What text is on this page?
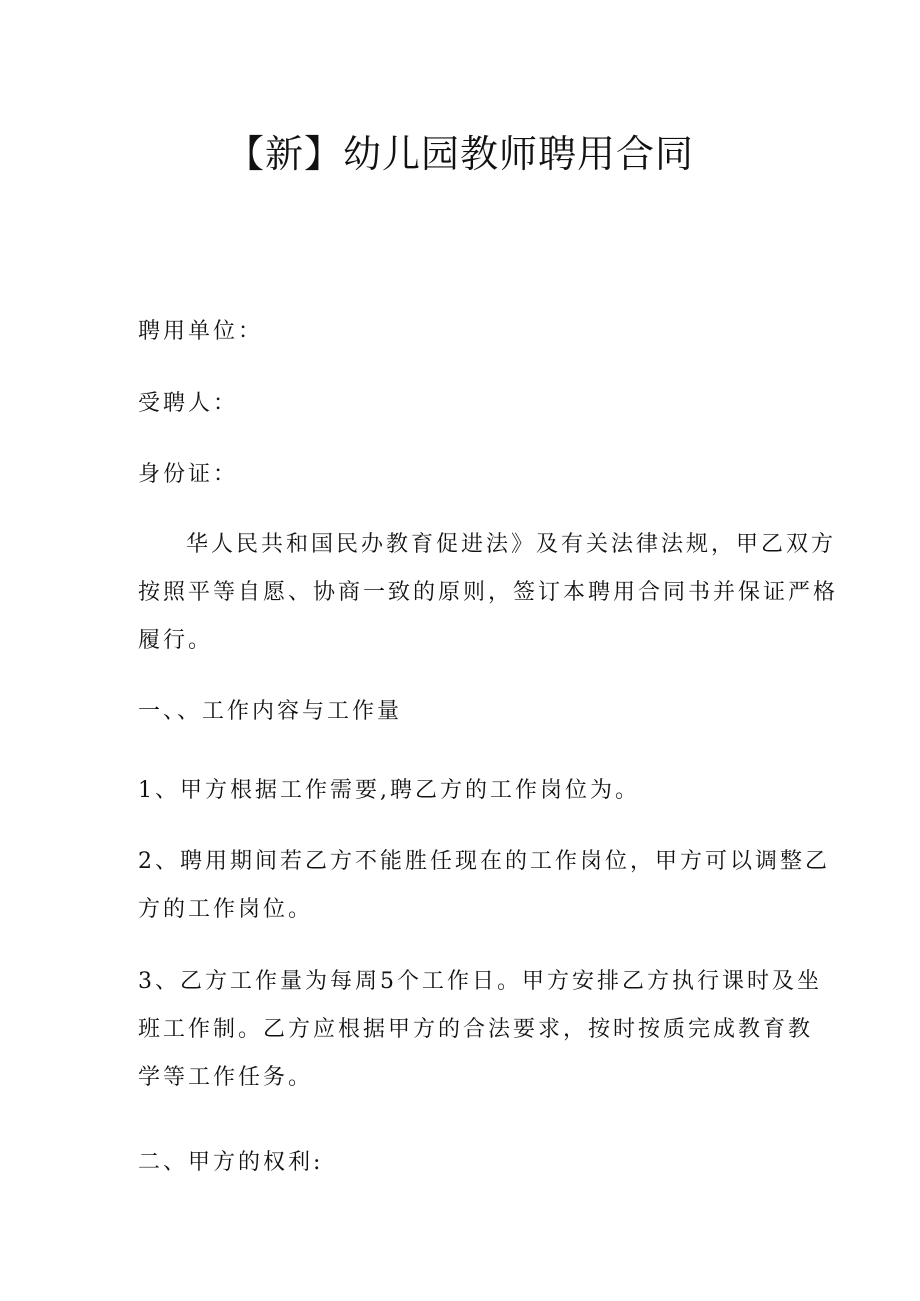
【新】幼儿园教师聘用合同
聘用单位：
受聘人：
身份证：
华人民共和国民办教育促进法》及有关法律法规，甲乙双方
按照平等自愿、协商一致的原则，签订本聘用合同书并保证严格
履行。
一、、工作内容与工作量
1、甲方根据工作需要,聘乙方的工作岗位为。
2、聘用期间若乙方不能胜任现在的工作岗位，甲方可以调整乙
方的工作岗位。
3、乙方工作量为每周5个工作日。甲方安排乙方执行课时及坐
班工作制。乙方应根据甲方的合法要求，按时按质完成教育教
学等工作任务。
二、甲方的权利:
